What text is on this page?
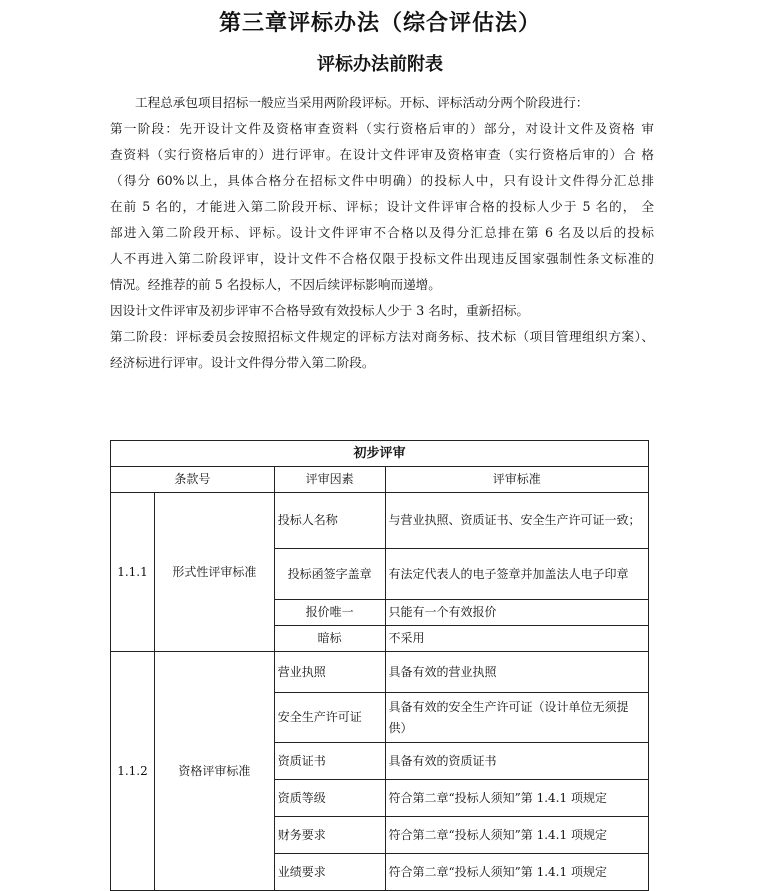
第三章评标办法（综合评估法）
评标办法前附表

工程总承包项目招标一般应当采用两阶段评标。开标、评标活动分两个阶段进行：

第一阶段：先开设计文件及资格审查资料（实行资格后审的）部分，对设计文件及资格 审

查资料（实行资格后审的）进行评审。在设计文件评审及资格审查（实行资格后审的）合 格

（得分 60%以上，具体合格分在招标文件中明确）的投标人中，只有设计文件得分汇总排

在前 5 名的，才能进入第二阶段开标、评标；设计文件评审合格的投标人少于 5 名的， 全

部进入第二阶段开标、评标。设计文件评审不合格以及得分汇总排在第 6 名及以后的投标

人不再进入第二阶段评审，设计文件不合格仅限于投标文件出现违反国家强制性条文标准的

情况。经推荐的前 5 名投标人，不因后续评标影响而递增。

因设计文件评审及初步评审不合格导致有效投标人少于 3 名时，重新招标。

第二阶段：评标委员会按照招标文件规定的评标方法对商务标、技术标（项目管理组织方案）、

经济标进行评审。设计文件得分带入第二阶段。

初步评审			
条款号		评审因素	评审标准
1.1.1	形式性评审标准	投标人名称	与营业执照、资质证书、安全生产许可证一致；
		投标函签字盖章	有法定代表人的电子签章并加盖法人电子印章
		报价唯一	只能有一个有效报价
		暗标	不采用
1.1.2	资格评审标准	营业执照	具备有效的营业执照
		安全生产许可证	具备有效的安全生产许可证（设计单位无须提供）
		资质证书	具备有效的资质证书
		资质等级	符合第二章“投标人须知”第 1.4.1 项规定
		财务要求	符合第二章“投标人须知”第 1.4.1 项规定
		业绩要求	符合第二章“投标人须知”第 1.4.1 项规定
